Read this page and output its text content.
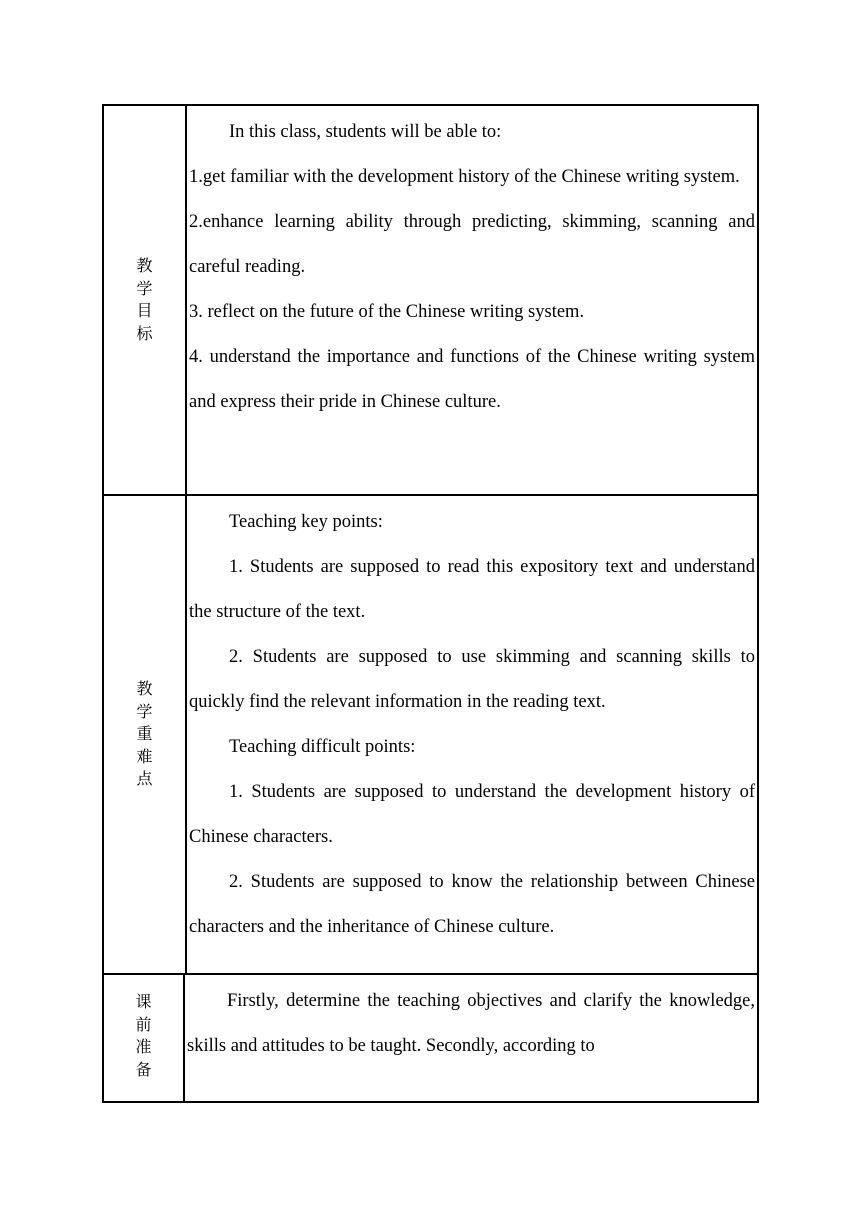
教学目标

In this class, students will be able to:

1.get familiar with the development history of the Chinese writing system.

2.enhance learning ability through predicting, skimming, scanning and careful reading.

3. reflect on the future of the Chinese writing system.

4. understand the importance and functions of the Chinese writing system and express their pride in Chinese culture.

教学重难点

Teaching key points:

1. Students are supposed to read this expository text and understand the structure of the text.

2. Students are supposed to use skimming and scanning skills to quickly find the relevant information in the reading text.

Teaching difficult points:

1. Students are supposed to understand the development history of Chinese characters.

2. Students are supposed to know the relationship between Chinese characters and the inheritance of Chinese culture.

课前准备

Firstly, determine the teaching objectives and clarify the knowledge, skills and attitudes to be taught. Secondly, according to
